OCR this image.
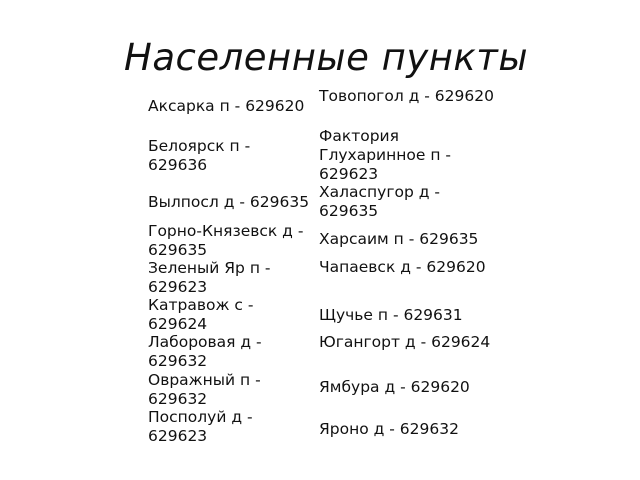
Населенные пункты
Аксарка п - 629620
Белоярск п - 629636
Вылпосл д - 629635
Горно-Князевск д - 629635
Зеленый Яр п - 629623
Катравож с - 629624
Лаборовая д - 629632
Овражный п - 629632
Посполуй д - 629623
Товопогол д - 629620
Фактория Глухаринное п - 629623
Халаспугор д - 629635
Харсаим п - 629635
Чапаевск д - 629620
Щучье п - 629631
Югангорт д - 629624
Ямбура д - 629620
Яроно д - 629632
